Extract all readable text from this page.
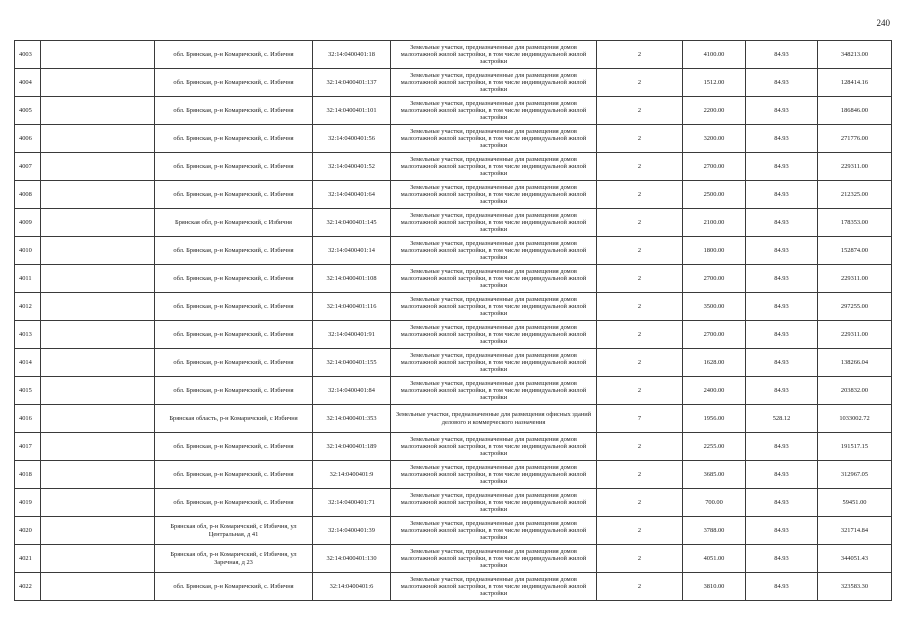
240
4003		обл. Брянская, р-н Комаричский, с. Избичня	32:14:0400401:18	Земельные участки, предназначенные для размещения домов малоэтажной жилой застройки, в том числе индивидуальной жилой застройки	2	4100.00	84.93	348213.00
4004		обл. Брянская, р-н Комаричский, с. Избичня	32:14:0400401:137	Земельные участки, предназначенные для размещения домов малоэтажной жилой застройки, в том числе индивидуальной жилой застройки	2	1512.00	84.93	128414.16
4005		обл. Брянская, р-н Комаричский, с. Избичня	32:14:0400401:101	Земельные участки, предназначенные для размещения домов малоэтажной жилой застройки, в том числе индивидуальной жилой застройки	2	2200.00	84.93	186846.00
4006		обл. Брянская, р-н Комаричский, с. Избичня	32:14:0400401:56	Земельные участки, предназначенные для размещения домов малоэтажной жилой застройки, в том числе индивидуальной жилой застройки	2	3200.00	84.93	271776.00
4007		обл. Брянская, р-н Комаричский, с. Избичня	32:14:0400401:52	Земельные участки, предназначенные для размещения домов малоэтажной жилой застройки, в том числе индивидуальной жилой застройки	2	2700.00	84.93	229311.00
4008		обл. Брянская, р-н Комаричский, с. Избичня	32:14:0400401:64	Земельные участки, предназначенные для размещения домов малоэтажной жилой застройки, в том числе индивидуальной жилой застройки	2	2500.00	84.93	212325.00
4009		Брянская обл, р-н Комаричский, с Избичня	32:14:0400401:145	Земельные участки, предназначенные для размещения домов малоэтажной жилой застройки, в том числе индивидуальной жилой застройки	2	2100.00	84.93	178353.00
4010		обл. Брянская, р-н Комаричский, с. Избичня	32:14:0400401:14	Земельные участки, предназначенные для размещения домов малоэтажной жилой застройки, в том числе индивидуальной жилой застройки	2	1800.00	84.93	152874.00
4011		обл. Брянская, р-н Комаричский, с. Избичня	32:14:0400401:108	Земельные участки, предназначенные для размещения домов малоэтажной жилой застройки, в том числе индивидуальной жилой застройки	2	2700.00	84.93	229311.00
4012		обл. Брянская, р-н Комаричский, с. Избичня	32:14:0400401:116	Земельные участки, предназначенные для размещения домов малоэтажной жилой застройки, в том числе индивидуальной жилой застройки	2	3500.00	84.93	297255.00
4013		обл. Брянская, р-н Комаричский, с. Избичня	32:14:0400401:91	Земельные участки, предназначенные для размещения домов малоэтажной жилой застройки, в том числе индивидуальной жилой застройки	2	2700.00	84.93	229311.00
4014		обл. Брянская, р-н Комаричский, с. Избичня	32:14:0400401:155	Земельные участки, предназначенные для размещения домов малоэтажной жилой застройки, в том числе индивидуальной жилой застройки	2	1628.00	84.93	138266.04
4015		обл. Брянская, р-н Комаричский, с. Избичня	32:14:0400401:84	Земельные участки, предназначенные для размещения домов малоэтажной жилой застройки, в том числе индивидуальной жилой застройки	2	2400.00	84.93	203832.00
4016		Брянская область, р-н Комаричский, с Избичня	32:14:0400401:353	Земельные участки, предназначенные для размещения офисных зданий делового и коммерческого назначения	7	1956.00	528.12	1033002.72
4017		обл. Брянская, р-н Комаричский, с. Избичня	32:14:0400401:189	Земельные участки, предназначенные для размещения домов малоэтажной жилой застройки, в том числе индивидуальной жилой застройки	2	2255.00	84.93	191517.15
4018		обл. Брянская, р-н Комаричский, с. Избичня	32:14:0400401:9	Земельные участки, предназначенные для размещения домов малоэтажной жилой застройки, в том числе индивидуальной жилой застройки	2	3685.00	84.93	312967.05
4019		обл. Брянская, р-н Комаричский, с. Избичня	32:14:0400401:71	Земельные участки, предназначенные для размещения домов малоэтажной жилой застройки, в том числе индивидуальной жилой застройки	2	700.00	84.93	59451.00
4020		Брянская обл, р-н Комаричский, с Избичня, ул Центральная, д 41	32:14:0400401:39	Земельные участки, предназначенные для размещения домов малоэтажной жилой застройки, в том числе индивидуальной жилой застройки	2	3788.00	84.93	321714.84
4021		Брянская обл, р-н Комаричский, с Избичня, ул Заречная, д 23	32:14:0400401:130	Земельные участки, предназначенные для размещения домов малоэтажной жилой застройки, в том числе индивидуальной жилой застройки	2	4051.00	84.93	344051.43
4022		обл. Брянская, р-н Комаричский, с. Избичня	32:14:0400401:6	Земельные участки, предназначенные для размещения домов малоэтажной жилой застройки, в том числе индивидуальной жилой застройки	2	3810.00	84.93	323583.30
